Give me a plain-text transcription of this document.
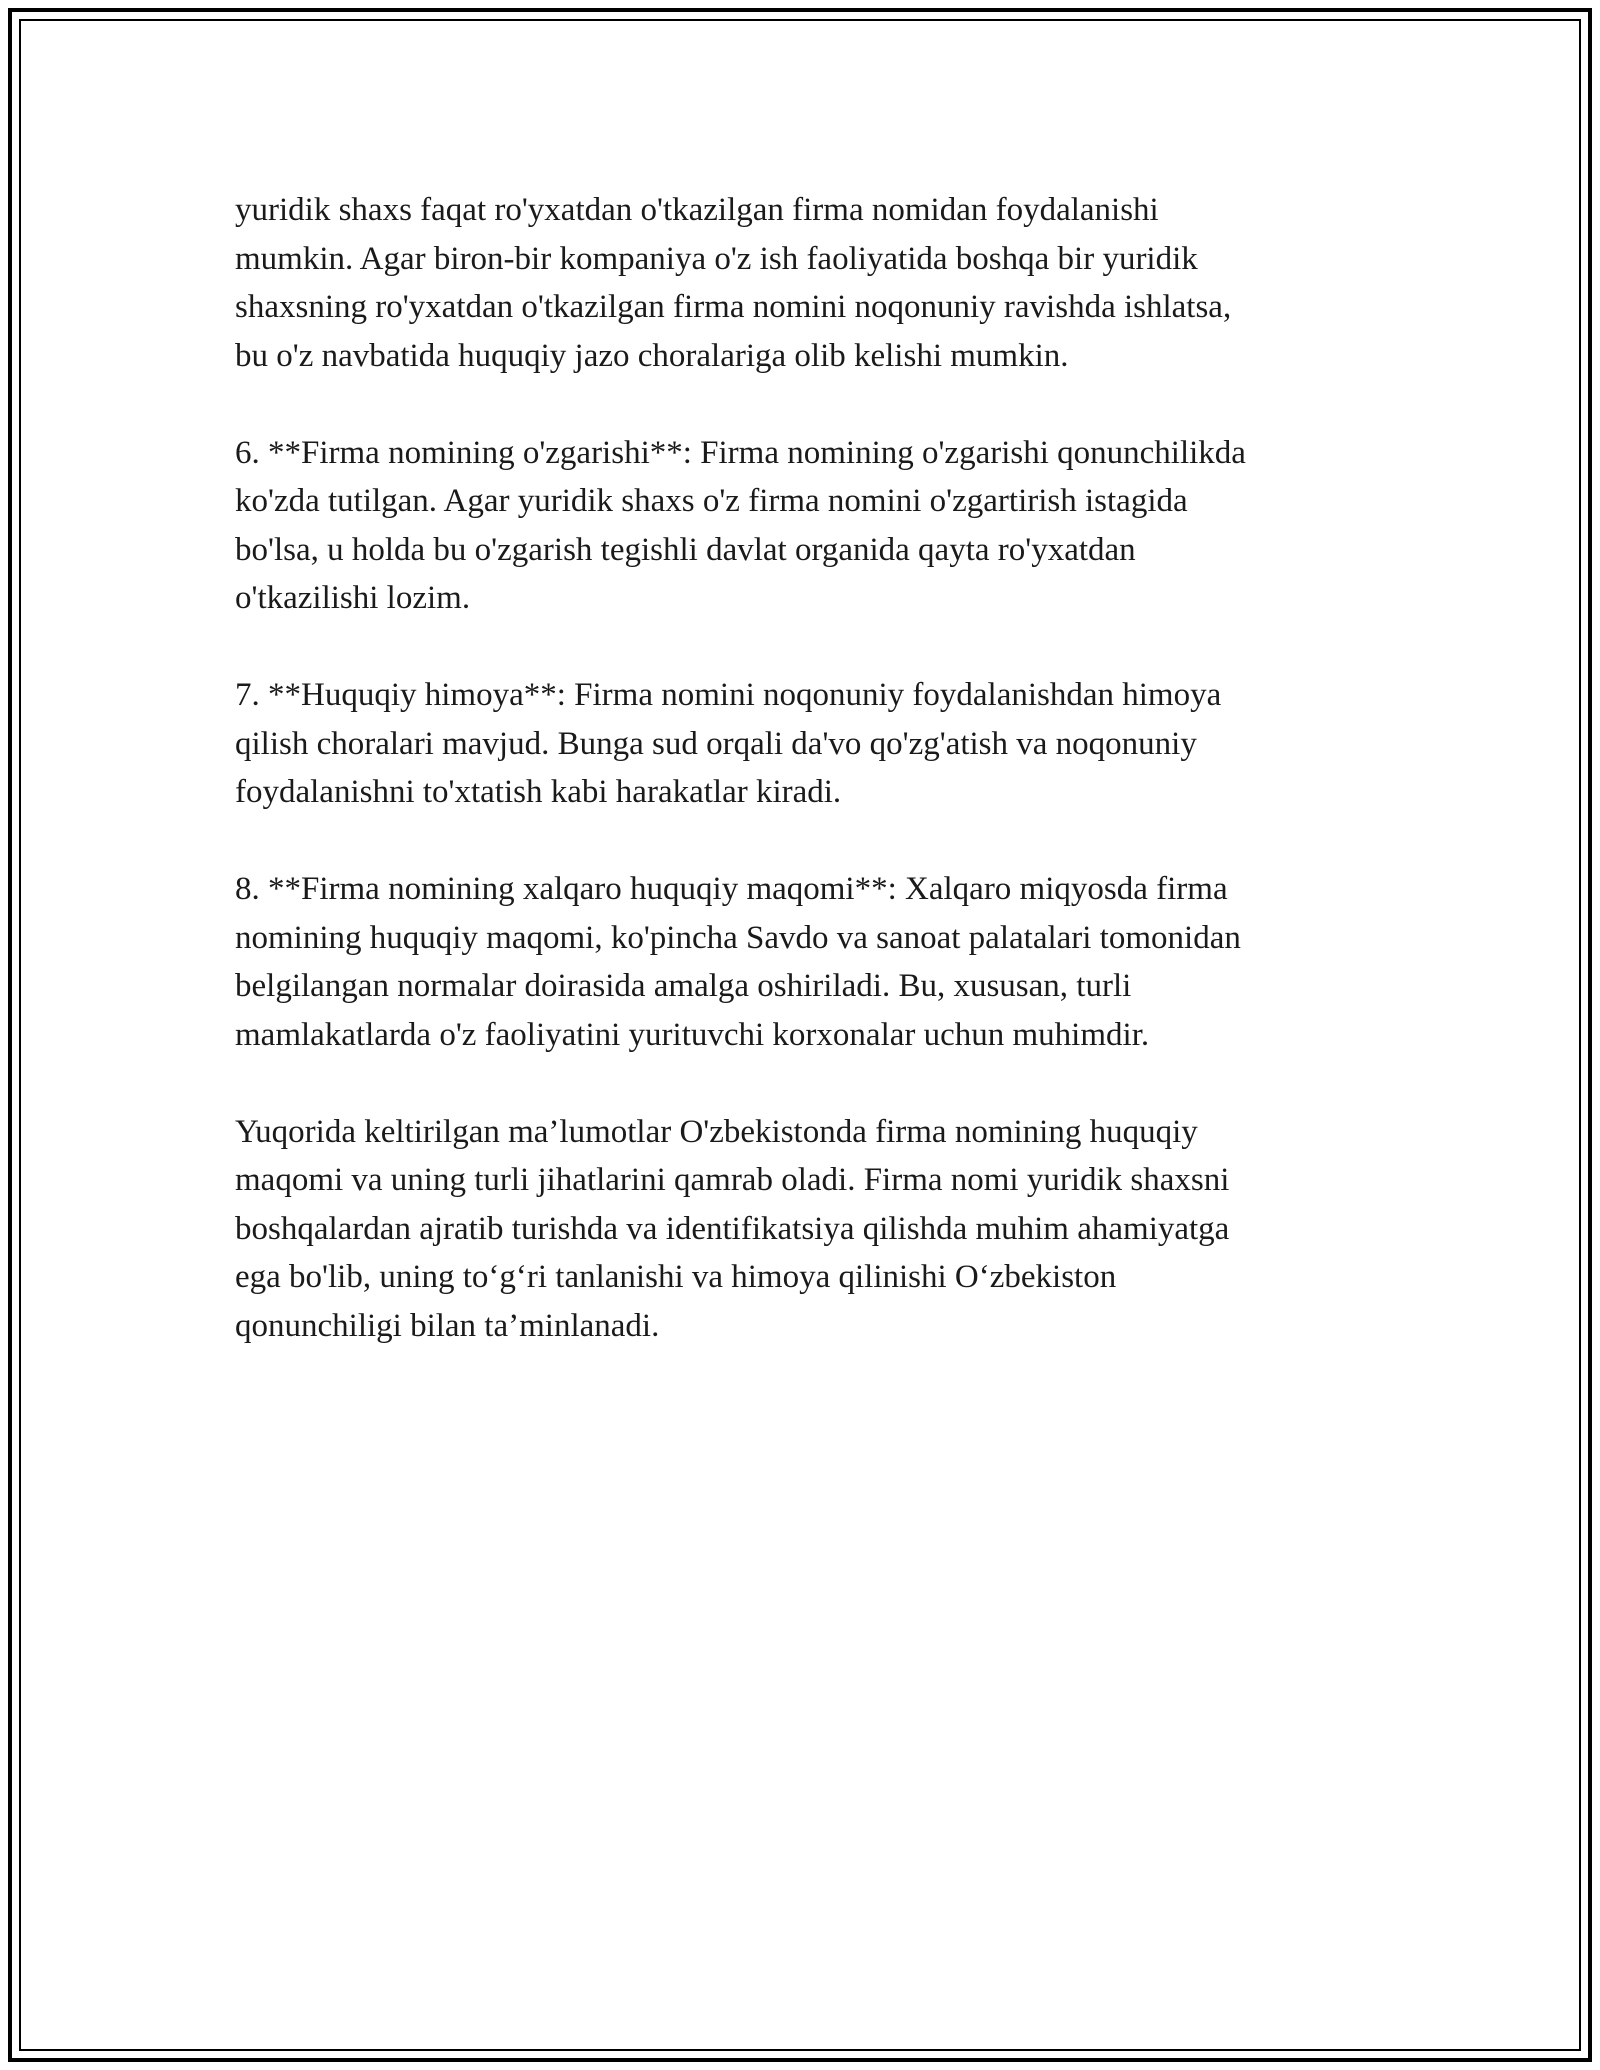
yuridik shaxs faqat ro'yxatdan o'tkazilgan firma nomidan foydalanishi
mumkin. Agar biron-bir kompaniya o'z ish faoliyatida boshqa bir yuridik
shaxsning ro'yxatdan o'tkazilgan firma nomini noqonuniy ravishda ishlatsa,
bu o'z navbatida huquqiy jazo choralariga olib kelishi mumkin.

6. **Firma nomining o'zgarishi**: Firma nomining o'zgarishi qonunchilikda
ko'zda tutilgan. Agar yuridik shaxs o'z firma nomini o'zgartirish istagida
bo'lsa, u holda bu o'zgarish tegishli davlat organida qayta ro'yxatdan
o'tkazilishi lozim.

7. **Huquqiy himoya**: Firma nomini noqonuniy foydalanishdan himoya
qilish choralari mavjud. Bunga sud orqali da'vo qo'zg'atish va noqonuniy
foydalanishni to'xtatish kabi harakatlar kiradi.

8. **Firma nomining xalqaro huquqiy maqomi**: Xalqaro miqyosda firma
nomining huquqiy maqomi, ko'pincha Savdo va sanoat palatalari tomonidan
belgilangan normalar doirasida amalga oshiriladi. Bu, xususan, turli
mamlakatlarda o'z faoliyatini yurituvchi korxonalar uchun muhimdir.

Yuqorida keltirilgan ma’lumotlar O'zbekistonda firma nomining huquqiy
maqomi va uning turli jihatlarini qamrab oladi. Firma nomi yuridik shaxsni
boshqalardan ajratib turishda va identifikatsiya qilishda muhim ahamiyatga
ega bo'lib, uning to‘g‘ri tanlanishi va himoya qilinishi O‘zbekiston
qonunchiligi bilan ta’minlanadi.
